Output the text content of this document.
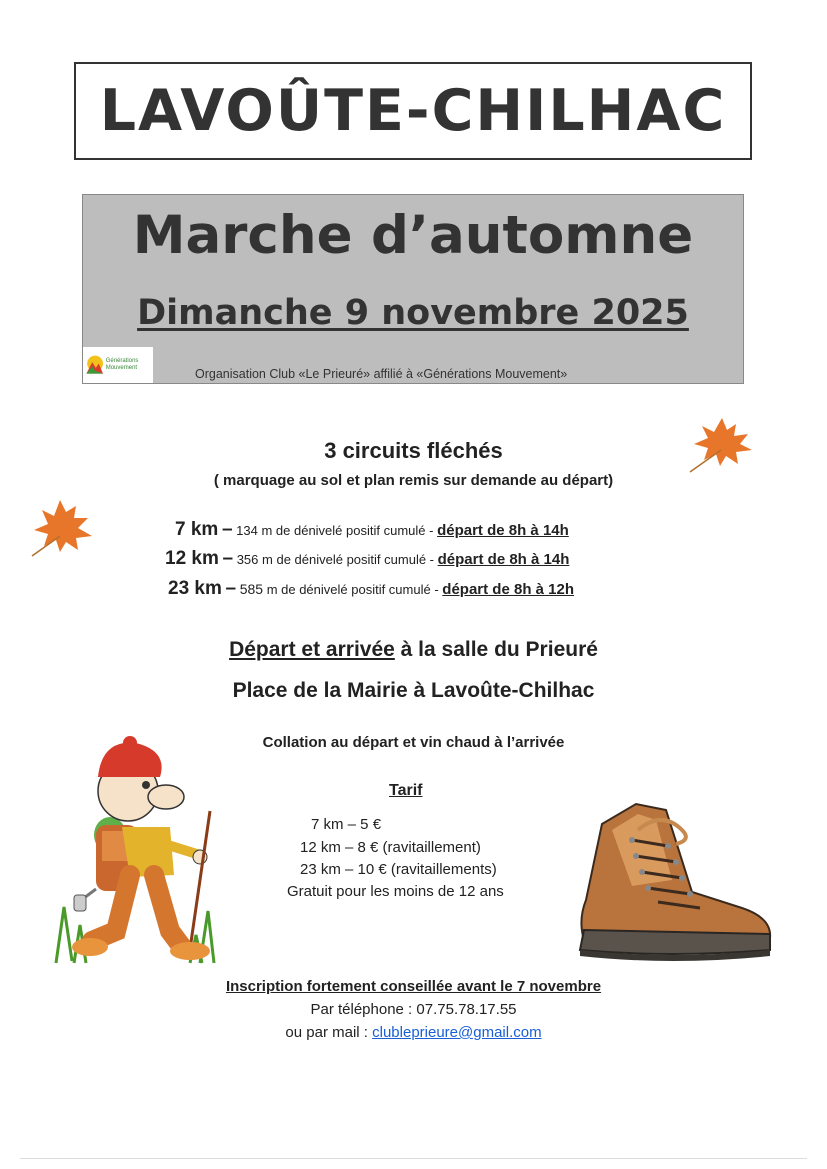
LAVOÛTE-CHILHAC
Marche d’automne
Dimanche 9 novembre 2025
Générations Mouvement	Organisation Club «Le Prieuré» affilié à «Générations Mouvement»
3 circuits fléchés
( marquage au sol et plan remis sur demande au départ)
7 km – 134 m de dénivelé positif cumulé - départ de 8h à 14h
12 km – 356 m de dénivelé positif cumulé - départ de 8h à 14h
23 km – 585 m de dénivelé positif cumulé - départ de 8h à 12h
Départ et arrivée à la salle du Prieuré
Place de la Mairie à Lavoûte-Chilhac
Collation au départ et vin chaud à l’arrivée
Tarif
7 km – 5 €
12 km – 8 € (ravitaillement)
23 km – 10 € (ravitaillements)
Gratuit pour les moins de 12 ans
Inscription fortement conseillée avant le 7 novembre
Par téléphone : 07.75.78.17.55
ou par mail : clubleprieure@gmail.com
